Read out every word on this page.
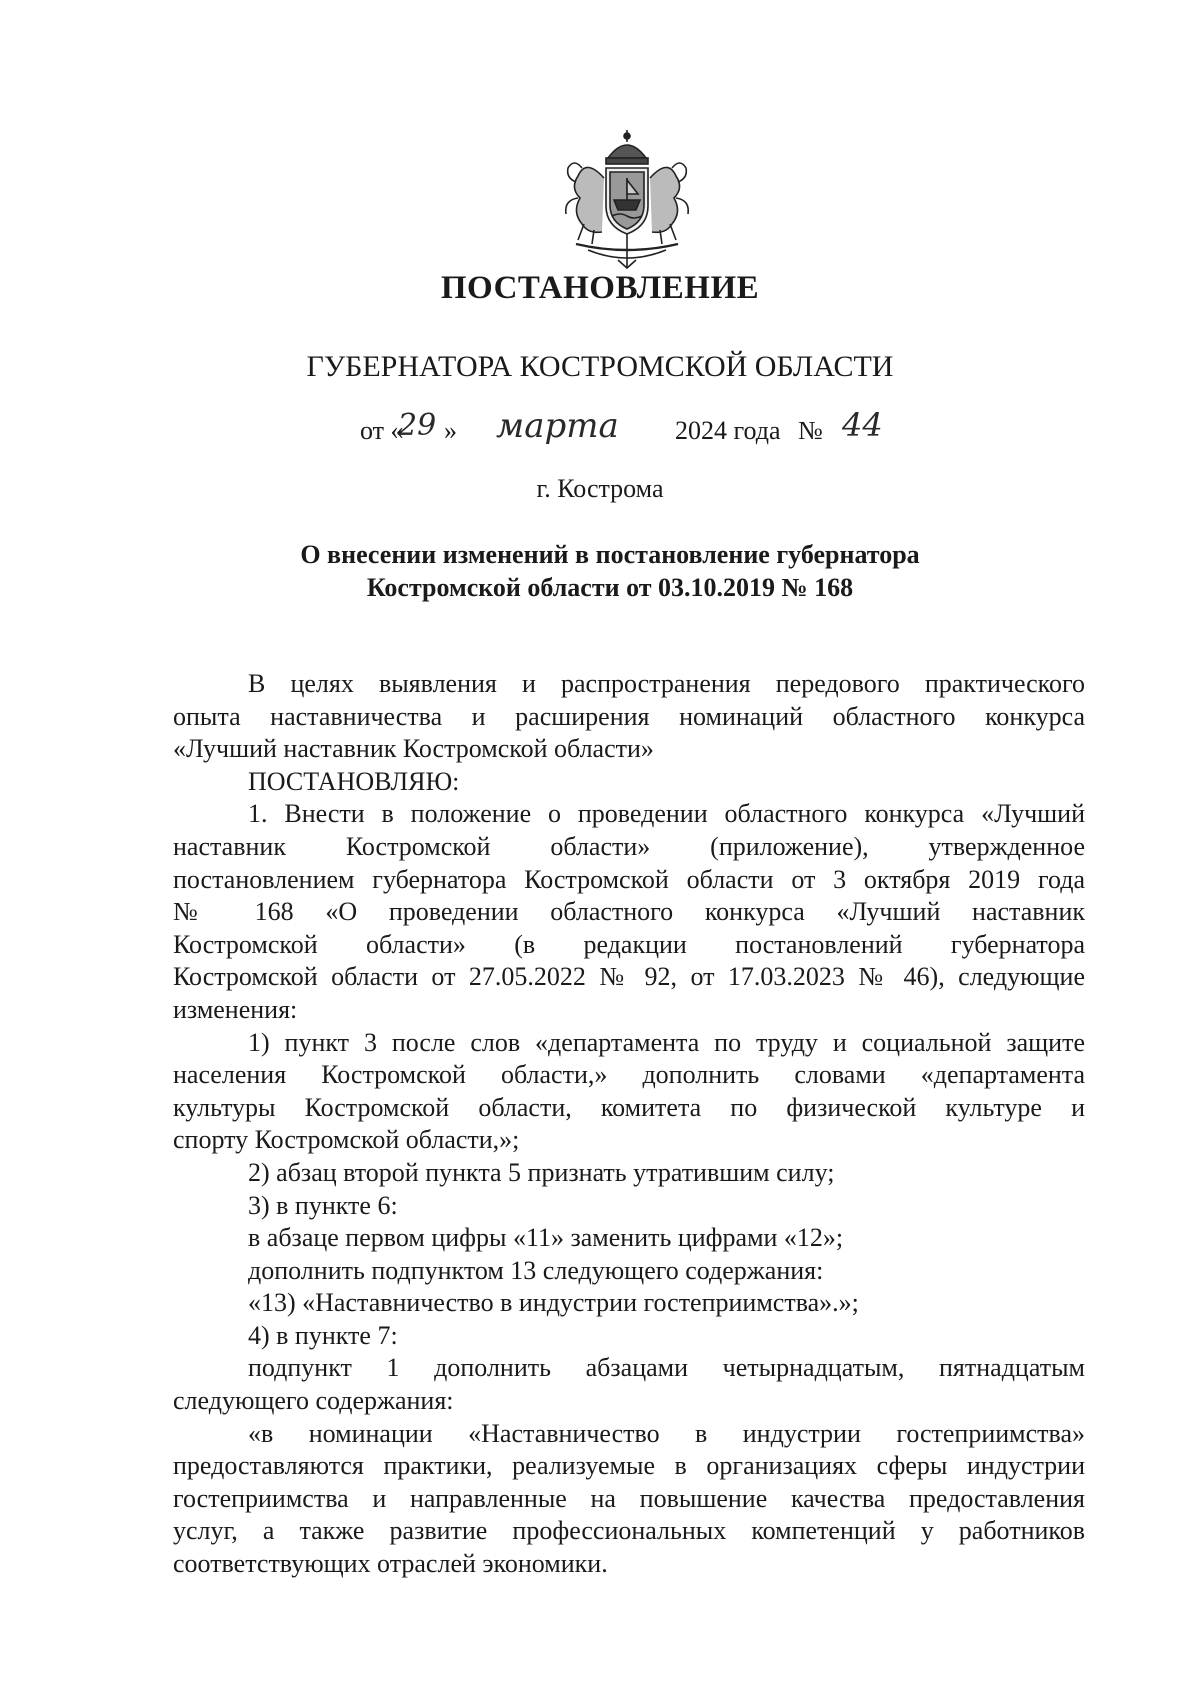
ПОСТАНОВЛЕНИЕ
ГУБЕРНАТОРА КОСТРОМСКОЙ ОБЛАСТИ
от «
29 » марта 2024 года № 44
г. Кострома
О внесении изменений в постановление губернатора
Костромской области от 03.10.2019 № 168

В целях выявления и распространения передового практического

опыта наставничества и расширения номинаций областного конкурса

«Лучший наставник Костромской области»

ПОСТАНОВЛЯЮ:

1. Внести в положение о проведении областного конкурса «Лучший

наставник Костромской области» (приложение), утвержденное

постановлением губернатора Костромской области от 3 октября 2019 года

№ 168 «О проведении областного конкурса «Лучший наставник

Костромской области» (в редакции постановлений губернатора

Костромской области от 27.05.2022 № 92, от 17.03.2023 № 46), следующие

изменения:

1) пункт 3 после слов «департамента по труду и социальной защите

населения Костромской области,» дополнить словами «департамента

культуры Костромской области, комитета по физической культуре и

спорту Костромской области,»;

2) абзац второй пункта 5 признать утратившим силу;

3) в пункте 6:

в абзаце первом цифры «11» заменить цифрами «12»;

дополнить подпунктом 13 следующего содержания:

«13) «Наставничество в индустрии гостеприимства».»;

4) в пункте 7:

подпункт 1 дополнить абзацами четырнадцатым, пятнадцатым

следующего содержания:

«в номинации «Наставничество в индустрии гостеприимства»

предоставляются практики, реализуемые в организациях сферы индустрии

гостеприимства и направленные на повышение качества предоставления

услуг, а также развитие профессиональных компетенций у работников

соответствующих отраслей экономики.
